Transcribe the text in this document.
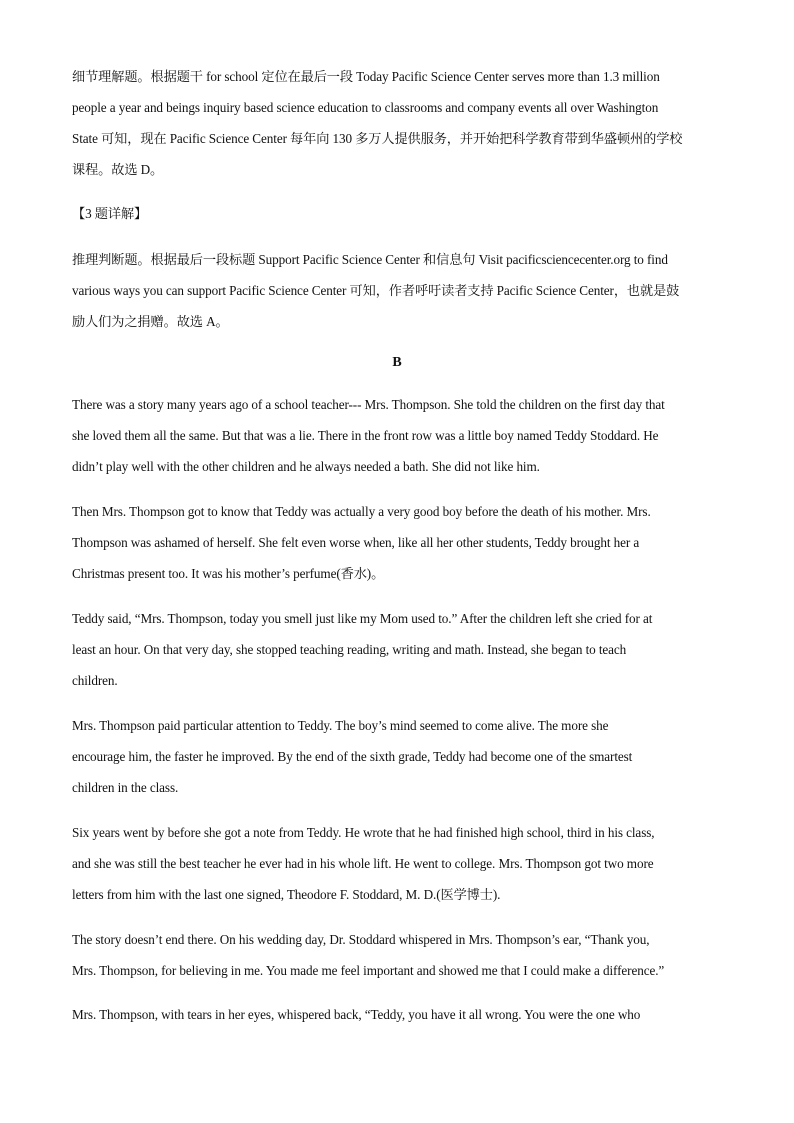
细节理解题。根据题干 for school 定位在最后一段 Today Pacific Science Center serves more than 1.3 million
people a year and beings inquiry based science education to classrooms and company events all over Washington
State 可知，现在 Pacific Science Center 每年向 130 多万人提供服务，并开始把科学教育带到华盛顿州的学校
课程。故选 D。
【3 题详解】
推理判断题。根据最后一段标题 Support Pacific Science Center 和信息句 Visit pacificsciencecenter.org to find
various ways you can support Pacific Science Center 可知，作者呼吁读者支持 Pacific Science Center，也就是鼓
励人们为之捐赠。故选 A。
B
There was a story many years ago of a school teacher--- Mrs. Thompson. She told the children on the first day that
she loved them all the same. But that was a lie. There in the front row was a little boy named Teddy Stoddard. He
didn’t play well with the other children and he always needed a bath. She did not like him.
Then Mrs. Thompson got to know that Teddy was actually a very good boy before the death of his mother. Mrs.
Thompson was ashamed of herself. She felt even worse when, like all her other students, Teddy brought her a
Christmas present too. It was his mother’s perfume(香水)。
Teddy said, “Mrs. Thompson, today you smell just like my Mom used to.” After the children left she cried for at
least an hour. On that very day, she stopped teaching reading, writing and math. Instead, she began to teach
children.
Mrs. Thompson paid particular attention to Teddy. The boy’s mind seemed to come alive. The more she
encourage him, the faster he improved. By the end of the sixth grade, Teddy had become one of the smartest
children in the class.
Six years went by before she got a note from Teddy. He wrote that he had finished high school, third in his class,
and she was still the best teacher he ever had in his whole lift. He went to college. Mrs. Thompson got two more
letters from him with the last one signed, Theodore F. Stoddard, M. D.(医学博士).
The story doesn’t end there. On his wedding day, Dr. Stoddard whispered in Mrs. Thompson’s ear, “Thank you,
Mrs. Thompson, for believing in me. You made me feel important and showed me that I could make a difference.”
Mrs. Thompson, with tears in her eyes, whispered back, “Teddy, you have it all wrong. You were the one who
